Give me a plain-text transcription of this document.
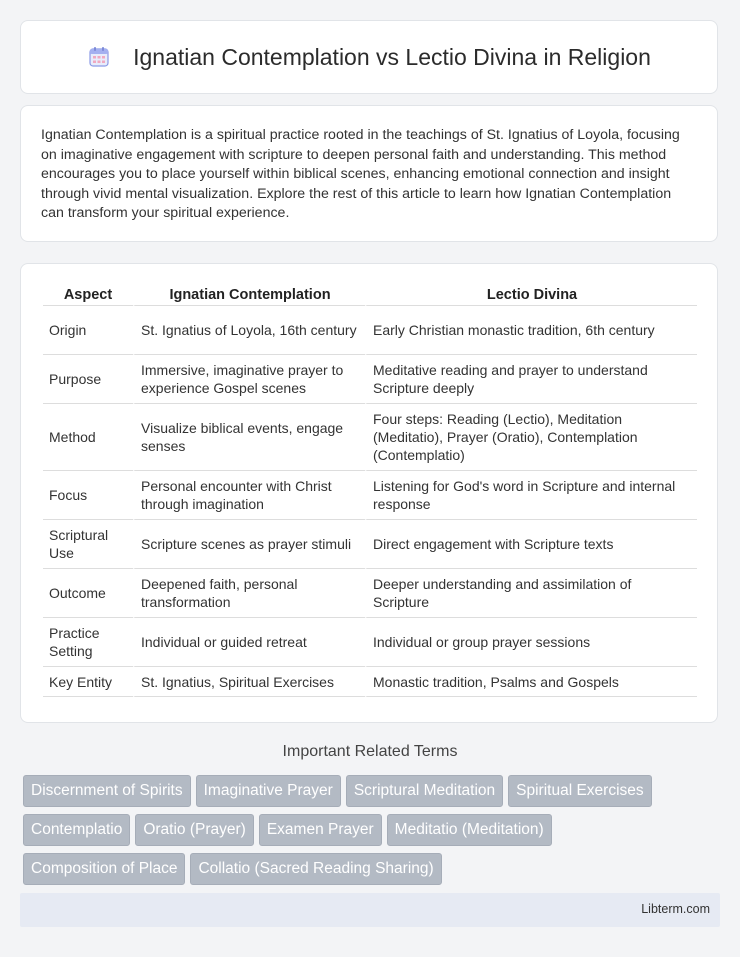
Ignatian Contemplation vs Lectio Divina in Religion

Ignatian Contemplation is a spiritual practice rooted in the teachings of St. Ignatius of Loyola, focusing on imaginative engagement with scripture to deepen personal faith and understanding. This method encourages you to place yourself within biblical scenes, enhancing emotional connection and insight through vivid mental visualization. Explore the rest of this article to learn how Ignatian Contemplation can transform your spiritual experience.

Aspect	Ignatian Contemplation	Lectio Divina
Origin	St. Ignatius of Loyola, 16th century	Early Christian monastic tradition, 6th century
Purpose	Immersive, imaginative prayer to experience Gospel scenes	Meditative reading and prayer to understand Scripture deeply
Method	Visualize biblical events, engage senses	Four steps: Reading (Lectio), Meditation (Meditatio), Prayer (Oratio), Contemplation (Contemplatio)
Focus	Personal encounter with Christ through imagination	Listening for God's word in Scripture and internal response
Scriptural Use	Scripture scenes as prayer stimuli	Direct engagement with Scripture texts
Outcome	Deepened faith, personal transformation	Deeper understanding and assimilation of Scripture
Practice Setting	Individual or guided retreat	Individual or group prayer sessions
Key Entity	St. Ignatius, Spiritual Exercises	Monastic tradition, Psalms and Gospels
Important Related Terms
Discernment of Spirits Imaginative Prayer Scriptural Meditation Spiritual Exercises
Contemplatio Oratio (Prayer) Examen Prayer Meditatio (Meditation)
Composition of Place Collatio (Sacred Reading Sharing)
Libterm.com
